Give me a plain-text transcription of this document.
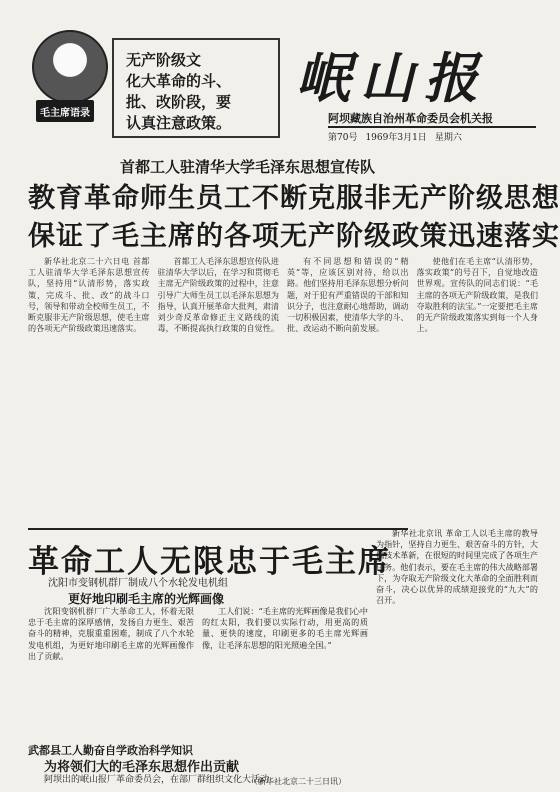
毛主席语录
无产阶级文
化大革命的斗、
批、改阶段，要
认真注意政策。
岷山报
阿坝藏族自治州革命委员会机关报
第70号 1969年3月1日 星期六
首都工人驻清华大学毛泽东思想宣传队
教育革命师生员工不断克服非无产阶级思想
保证了毛主席的各项无产阶级政策迅速落实

新华社北京二十六日电 首都工人驻清华大学毛泽东思想宣传队，坚持用“认清形势，落实政策，完成斗、批、改”的战斗口号，领导和带动全校师生员工，不断克服非无产阶级思想，使毛主席的各项无产阶级政策迅速落实。

首都工人毛泽东思想宣传队进驻清华大学以后，在学习和贯彻毛主席无产阶级政策的过程中，注意引导广大师生员工以毛泽东思想为指导，认真开展革命大批判，肃清刘少奇反革命修正主义路线的流毒，不断提高执行政策的自觉性。

有不同思想和错误的“精英”等，应该区别对待，给以出路。他们坚持用毛泽东思想分析问题，对于犯有严重错误的干部和知识分子，也注意耐心地帮助，调动一切积极因素，使清华大学的斗、批、改运动不断向前发展。

使他们在毛主席“认清形势，落实政策”的号召下，自觉地改造世界观。宣传队的同志们说：“毛主席的各项无产阶级政策，是我们夺取胜利的法宝。”一定要把毛主席的无产阶级政策落实到每一个人身上。

革命工人无限忠于毛主席
沈阳市变钢机群厂制成八个水轮发电机组
更好地印刷毛主席的光辉画像

沈阳变钢机群厂广大革命工人，怀着无限忠于毛主席的深厚感情，发扬自力更生、艰苦奋斗的精神，克服重重困难，制成了八个水轮发电机组，为更好地印刷毛主席的光辉画像作出了贡献。

工人们说：“毛主席的光辉画像是我们心中的红太阳，我们要以实际行动，用更高的质量、更快的速度，印刷更多的毛主席光辉画像，让毛泽东思想的阳光照遍全国。”

新华社北京讯 革命工人以毛主席的教导为指针，坚持自力更生、艰苦奋斗的方针，大搞技术革新，在很短的时间里完成了各项生产任务。他们表示，要在毛主席的伟大战略部署下，为夺取无产阶级文化大革命的全面胜利而奋斗，决心以优异的成绩迎接党的“九大”的召开。

武都县工人勤奋自学政治科学知识
为将领们大的毛泽东思想作出贡献
阿坝出的岷山报厂革命委员会，在部厂群组织文化大活动
（新华社北京二十三日讯）
